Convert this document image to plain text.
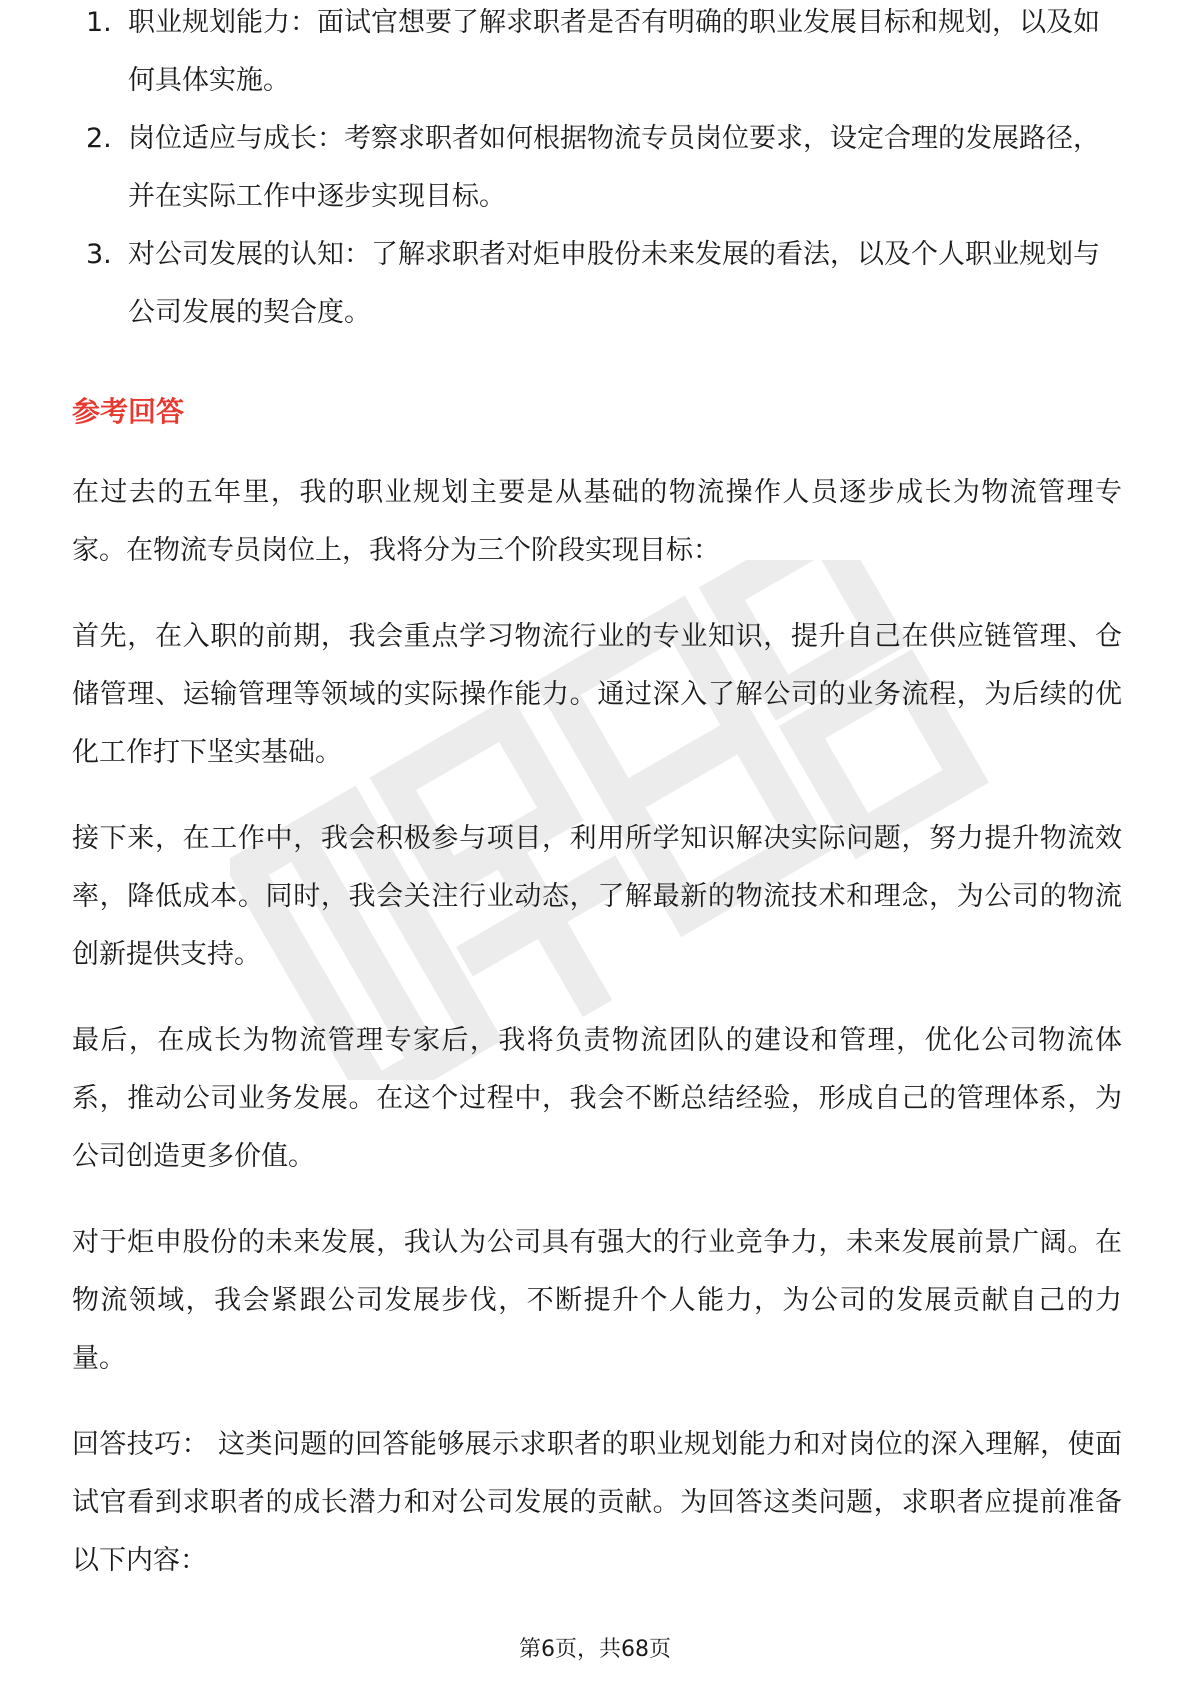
1. 职业规划能力：面试官想要了解求职者是否有明确的职业发展目标和规划，以及如何具体实施。
2. 岗位适应与成长：考察求职者如何根据物流专员岗位要求，设定合理的发展路径，并在实际工作中逐步实现目标。
3. 对公司发展的认知：了解求职者对炬申股份未来发展的看法，以及个人职业规划与公司发展的契合度。
参考回答

在过去的五年里，我的职业规划主要是从基础的物流操作人员逐步成长为物流管理专家。在物流专员岗位上，我将分为三个阶段实现目标：

首先，在入职的前期，我会重点学习物流行业的专业知识，提升自己在供应链管理、仓储管理、运输管理等领域的实际操作能力。通过深入了解公司的业务流程，为后续的优化工作打下坚实基础。

接下来，在工作中，我会积极参与项目，利用所学知识解决实际问题，努力提升物流效率，降低成本。同时，我会关注行业动态，了解最新的物流技术和理念，为公司的物流创新提供支持。

最后，在成长为物流管理专家后，我将负责物流团队的建设和管理，优化公司物流体系，推动公司业务发展。在这个过程中，我会不断总结经验，形成自己的管理体系，为公司创造更多价值。

对于炬申股份的未来发展，我认为公司具有强大的行业竞争力，未来发展前景广阔。在物流领域，我会紧跟公司发展步伐，不断提升个人能力，为公司的发展贡献自己的力量。

回答技巧： 这类问题的回答能够展示求职者的职业规划能力和对岗位的深入理解，使面试官看到求职者的成长潜力和对公司发展的贡献。为回答这类问题，求职者应提前准备以下内容：

第6页，共68页
